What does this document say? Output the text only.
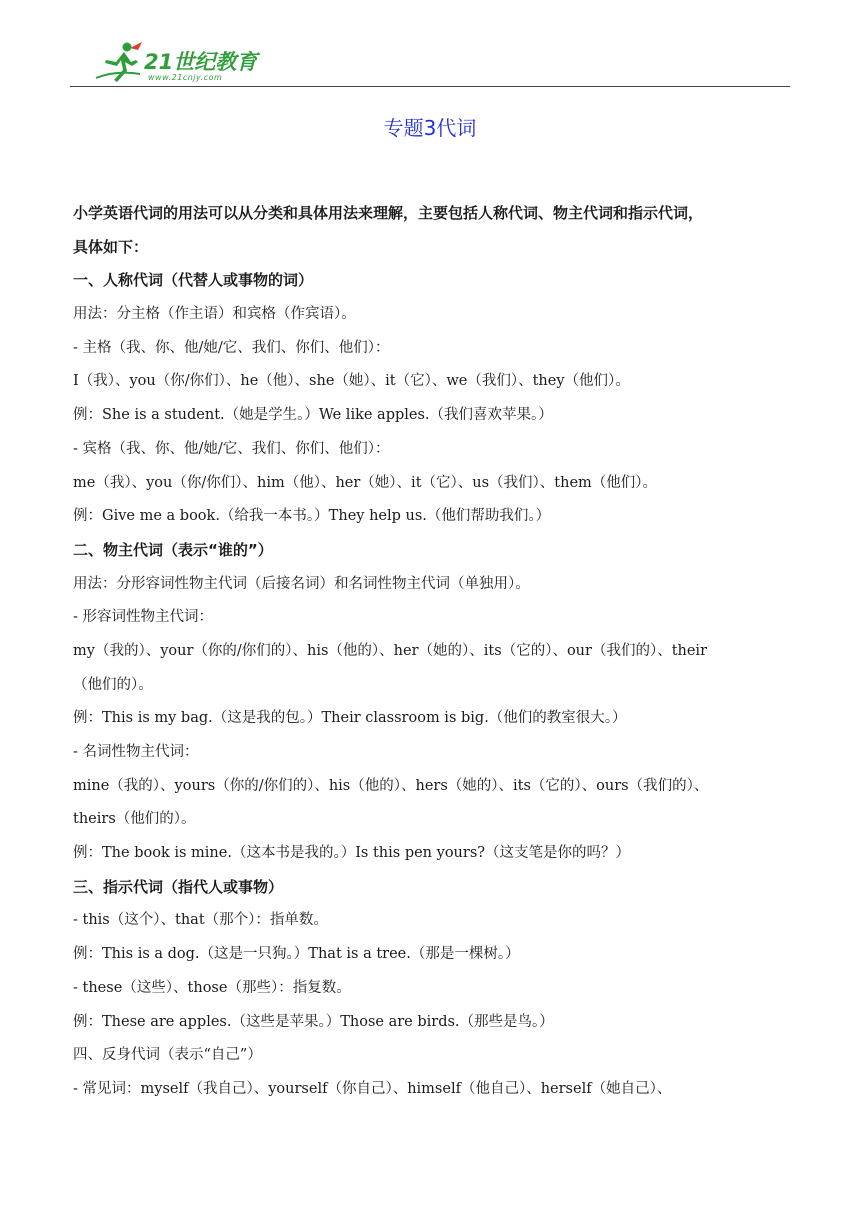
21世纪教育
www.21cnjy.com
专题3代词
小学英语代词的用法可以从分类和具体用法来理解，主要包括人称代词、物主代词和指示代词，
具体如下：
一、人称代词（代替人或事物的词）
用法：分主格（作主语）和宾格（作宾语）。
- 主格（我、你、他/她/它、我们、你们、他们）：
I（我）、you（你/你们）、he（他）、she（她）、it（它）、we（我们）、they（他们）。
例：She is a student.（她是学生。）We like apples.（我们喜欢苹果。）
- 宾格（我、你、他/她/它、我们、你们、他们）：
me（我）、you（你/你们）、him（他）、her（她）、it（它）、us（我们）、them（他们）。
例：Give me a book.（给我一本书。）They help us.（他们帮助我们。）
二、物主代词（表示“谁的”）
用法：分形容词性物主代词（后接名词）和名词性物主代词（单独用）。
- 形容词性物主代词：
my（我的）、your（你的/你们的）、his（他的）、her（她的）、its（它的）、our（我们的）、their
（他们的）。
例：This is my bag.（这是我的包。）Their classroom is big.（他们的教室很大。）
- 名词性物主代词：
mine（我的）、yours（你的/你们的）、his（他的）、hers（她的）、its（它的）、ours（我们的）、
theirs（他们的）。
例：The book is mine.（这本书是我的。）Is this pen yours?（这支笔是你的吗？）
三、指示代词（指代人或事物）
- this（这个）、that（那个）：指单数。
例：This is a dog.（这是一只狗。）That is a tree.（那是一棵树。）
- these（这些）、those（那些）：指复数。
例：These are apples.（这些是苹果。）Those are birds.（那些是鸟。）
四、反身代词（表示“自己”）
- 常见词：myself（我自己）、yourself（你自己）、himself（他自己）、herself（她自己）、
